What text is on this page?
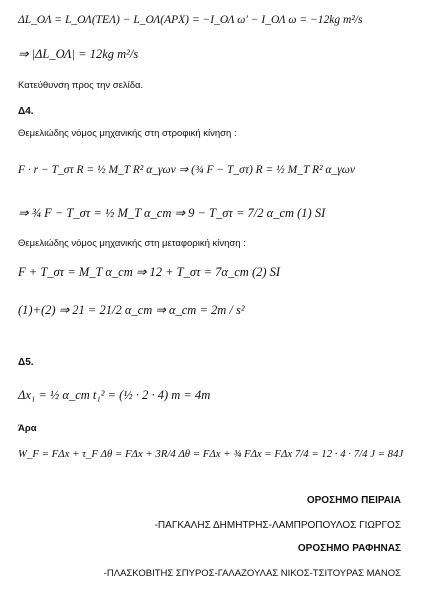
ΔL_ΟΛ = L_ΟΛ(ΤΕΛ) − L_ΟΛ(ΑΡΧ) = −I_ΟΛ ω′ − I_ΟΛ ω = −12kg m²/s
⇒ |ΔL_ΟΛ| = 12kg m²/s
Κατεύθυνση προς την σελίδα.
Δ4.
Θεμελιώδης νόμος μηχανικής στη στροφική κίνηση :
F · r − T_στ R = ½ M_T R² α_γων ⇒ (¾ F − T_στ) R = ½ M_T R² α_γων
⇒ ¾ F − T_στ = ½ M_T α_cm ⇒ 9 − T_στ = 7/2 α_cm (1) SI
Θεμελιώδης νόμος μηχανικής στη μεταφορική κίνηση :
F + T_στ = M_T α_cm ⇒ 12 + T_στ = 7α_cm (2) SI
(1)+(2) ⇒ 21 = 21/2 α_cm ⇒ α_cm = 2m / s²
Δ5.
Δx₁ = ½ α_cm t₁² = (½ · 2 · 4) m = 4m
Άρα
W_F = FΔx + τ_F Δθ = FΔx + 3R/4 Δθ = FΔx + ¾ FΔx = FΔx 7/4 = 12 · 4 · 7/4 J = 84J
ΟΡΟΣΗΜΟ ΠΕΙΡΑΙΑ
-ΠΑΓΚΑΛΗΣ ΔΗΜΗΤΡΗΣ-ΛΑΜΠΡΟΠΟΥΛΟΣ ΓΙΩΡΓΟΣ
ΟΡΟΣΗΜΟ ΡΑΦΗΝΑΣ
-ΠΛΑΣΚΟΒΙΤΗΣ ΣΠΥΡΟΣ-ΓΑΛΑΖΟΥΛΑΣ ΝΙΚΟΣ-ΤΣΙΤΟΥΡΑΣ ΜΑΝΟΣ
